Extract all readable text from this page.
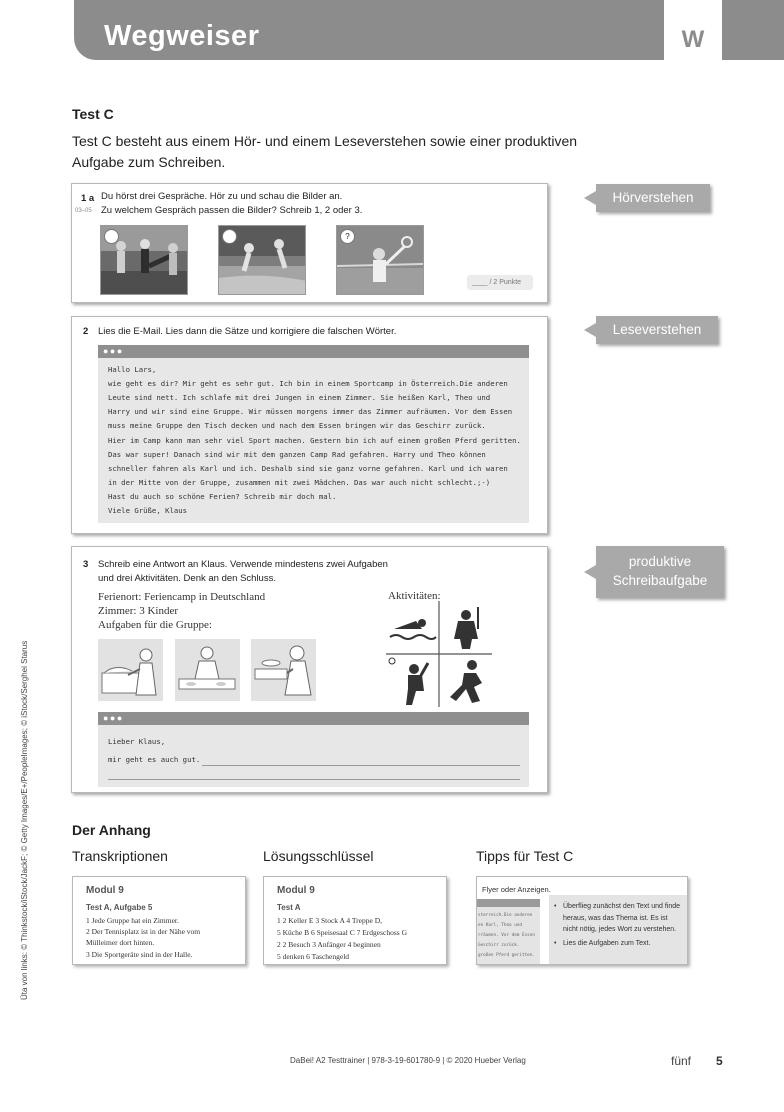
Wegweiser	W
Test C
Test C besteht aus einem Hör- und einem Leseverstehen sowie einer produktiven Aufgabe zum Schreiben.
1 a
03–05
Du hörst drei Gespräche. Hör zu und schau die Bilder an.
Zu welchem Gespräch passen die Bilder? Schreib 1, 2 oder 3.
?
____ / 2 Punkte
Hörverstehen
2 Lies die E-Mail. Lies dann die Sätze und korrigiere die falschen Wörter.
●●●
Hallo Lars,
wie geht es dir? Mir geht es sehr gut. Ich bin in einem Sportcamp in Österreich.Die anderen
Leute sind nett. Ich schlafe mit drei Jungen in einem Zimmer. Sie heißen Karl, Theo und
Harry und wir sind eine Gruppe. Wir müssen morgens immer das Zimmer aufräumen. Vor dem Essen
muss meine Gruppe den Tisch decken und nach dem Essen bringen wir das Geschirr zurück.
Hier im Camp kann man sehr viel Sport machen. Gestern bin ich auf einem großen Pferd geritten.
Das war super! Danach sind wir mit dem ganzen Camp Rad gefahren. Harry und Theo können
schneller fahren als Karl und ich. Deshalb sind sie ganz vorne gefahren. Karl und ich waren
in der Mitte von der Gruppe, zusammen mit zwei Mädchen. Das war auch nicht schlecht.;-)
Hast du auch so schöne Ferien? Schreib mir doch mal.
Viele Grüße, Klaus
Leseverstehen
3 Schreib eine Antwort an Klaus. Verwende mindestens zwei Aufgaben
und drei Aktivitäten. Denk an den Schluss.
Ferienort: Feriencamp in Deutschland
Zimmer: 3 Kinder
Aufgaben für die Gruppe:
Aktivitäten:
●●●
Lieber Klaus,
mir geht es auch gut.
produktive
Schreibaufgabe
Der Anhang
Transkriptionen	Lösungsschlüssel	Tipps für Test C
Modul 9
Test A, Aufgabe 5
1 Jede Gruppe hat ein Zimmer.
2 Der Tennisplatz ist in der Nähe vom
Mülleimer dort hinten.
3 Die Sportgeräte sind in der Halle.
Modul 9
Test A
1 2 Keller E 3 Stock A 4 Treppe D,
5 Küche B 6 Speisesaal C 7 Erdgeschoss G
2 2 Besuch 3 Anfänger 4 beginnen
5 denken 6 Taschengeld
Flyer oder Anzeigen.
sterreich.Die anderen
en Karl, Theo und
rräumen. Vor dem Essen
Geschirr zurück.
großen Pferd geritten.
• Überflieg zunächst den Text und finde heraus, was das Thema ist. Es ist nicht nötig, jedes Wort zu verstehen.
• Lies die Aufgaben zum Text.
Üta von links: © Thinkstock/iStock/JackF; © Getty Images/E+/PeopleImages; © iStock/Serghei Starus
DaBei! A2 Testtrainer | 978-3-19-601780-9 | © 2020 Hueber Verlag	fünf 5
